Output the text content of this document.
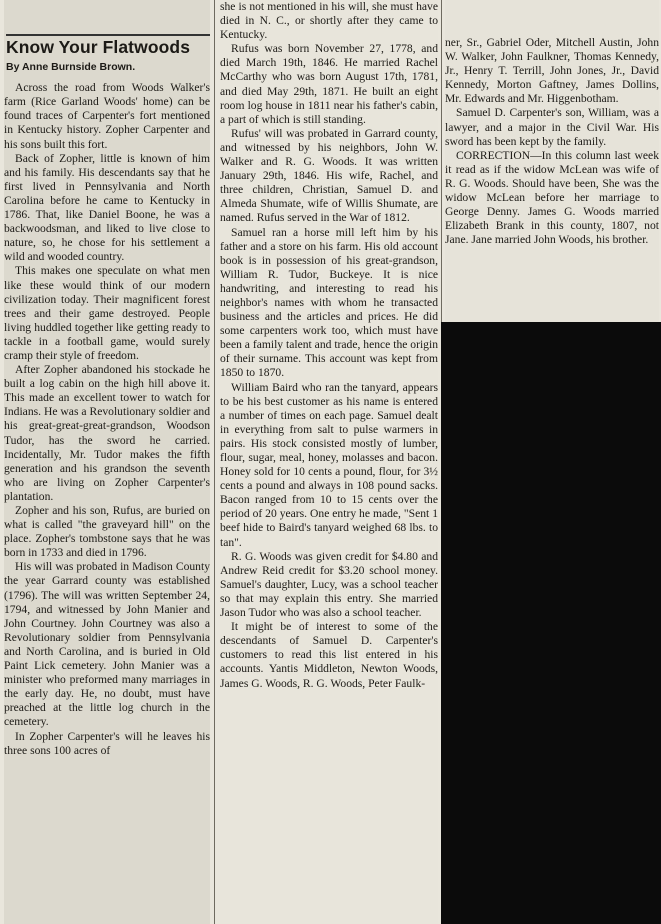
Know Your Flatwoods
By Anne Burnside Brown.

Across the road from Woods Walker's farm (Rice Garland Woods' home) can be found traces of Carpenter's fort mentioned in Kentucky history. Zopher Carpenter and his sons built this fort.

Back of Zopher, little is known of him and his family. His descendants say that he first lived in Pennsylvania and North Carolina before he came to Kentucky in 1786. That, like Daniel Boone, he was a backwoodsman, and liked to live close to nature, so, he chose for his settlement a wild and wooded country.

This makes one speculate on what men like these would think of our modern civilization today. Their magnificent forest trees and their game destroyed. People living huddled together like getting ready to tackle in a football game, would surely cramp their style of freedom.

After Zopher abandoned his stockade he built a log cabin on the high hill above it. This made an excellent tower to watch for Indians. He was a Revolutionary soldier and his great-great-great-grandson, Woodson Tudor, has the sword he carried. Incidentally, Mr. Tudor makes the fifth generation and his grandson the seventh who are living on Zopher Carpenter's plantation.

Zopher and his son, Rufus, are buried on what is called "the graveyard hill" on the place. Zopher's tombstone says that he was born in 1733 and died in 1796.

His will was probated in Madison County the year Garrard county was established (1796). The will was written September 24, 1794, and witnessed by John Manier and John Courtney. John Courtney was also a Revolutionary soldier from Pennsylvania and North Carolina, and is buried in Old Paint Lick cemetery. John Manier was a minister who preformed many marriages in the early day. He, no doubt, must have preached at the little log church in the cemetery.

In Zopher Carpenter's will he leaves his three sons 100 acres of

she is not mentioned in his will, she must have died in N. C., or shortly after they came to Kentucky.

Rufus was born November 27, 1778, and died March 19th, 1846. He married Rachel McCarthy who was born August 17th, 1781, and died May 29th, 1871. He built an eight room log house in 1811 near his father's cabin, a part of which is still standing.

Rufus' will was probated in Garrard county, and witnessed by his neighbors, John W. Walker and R. G. Woods. It was written January 29th, 1846. His wife, Rachel, and three children, Christian, Samuel D. and Almeda Shumate, wife of Willis Shumate, are named. Rufus served in the War of 1812.

Samuel ran a horse mill left him by his father and a store on his farm. His old account book is in possession of his great-grandson, William R. Tudor, Buckeye. It is nice handwriting, and interesting to read his neighbor's names with whom he transacted business and the articles and prices. He did some carpenters work too, which must have been a family talent and trade, hence the origin of their surname. This account was kept from 1850 to 1870.

William Baird who ran the tanyard, appears to be his best customer as his name is entered a number of times on each page. Samuel dealt in everything from salt to pulse warmers in pairs. His stock consisted mostly of lumber, flour, sugar, meal, honey, molasses and bacon. Honey sold for 10 cents a pound, flour, for 3½ cents a pound and always in 108 pound sacks. Bacon ranged from 10 to 15 cents over the period of 20 years. One entry he made, "Sent 1 beef hide to Baird's tanyard weighed 68 lbs. to tan".

R. G. Woods was given credit for $4.80 and Andrew Reid credit for $3.20 school money. Samuel's daughter, Lucy, was a school teacher so that may explain this entry. She married Jason Tudor who was also a school teacher.

It might be of interest to some of the descendants of Samuel D. Carpenter's customers to read this list entered in his accounts. Yantis Middleton, Newton Woods, James G. Woods, R. G. Woods, Peter Faulk-

ner, Sr., Gabriel Oder, Mitchell Austin, John W. Walker, John Faulkner, Thomas Kennedy, Jr., Henry T. Terrill, John Jones, Jr., David Kennedy, Morton Gaftney, James Dollins, Mr. Edwards and Mr. Higgenbotham.

Samuel D. Carpenter's son, William, was a lawyer, and a major in the Civil War. His sword has been kept by the family.

CORRECTION—In this column last week it read as if the widow McLean was wife of R. G. Woods. Should have been, She was the widow McLean before her marriage to George Denny. James G. Woods married Elizabeth Brank in this county, 1807, not Jane. Jane married John Woods, his brother.
